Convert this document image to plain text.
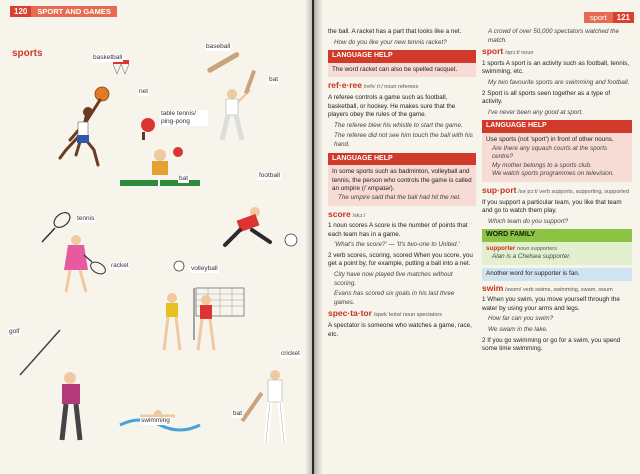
120	SPORT AND GAMES
sports	basketball
net
baseball
bat
table tennis/ ping-pong
bat	football
tennis
racket	volleyball
golf
cricket
swimming
bat
sport	121

the ball. A racket has a part that looks like a net.

How do you like your new tennis racket?

LANGUAGE HELP
The word racket can also be spelled racquet.

ref·e·ree /refəˈriː/ noun referees

A referee controls a game such as football, basketball, or hockey. He makes sure that the players obey the rules of the game.

The referee blew his whistle to start the game.

The referee did not see him touch the ball with his hand.

LANGUAGE HELP
In some sports such as badminton, volleyball and tennis, the person who controls the game is called an umpire (/ˈʌmpaɪə/).
The umpire said that the ball had hit the net.

score /skɔː/

1 noun scores A score is the number of points that each team has in a game.

'What's the score?' — 'It's two-one to United.'

2 verb scores, scoring, scored When you score, you get a point by, for example, putting a ball into a net.

City have now played five matches without scoring.

Evans has scored six goals in his last three games.

spec·ta·tor /spekˈteɪtə/ noun spectators

A spectator is someone who watches a game, race, etc.

A crowd of over 50,000 spectators watched the match.

sport /spɔːt/ noun

1 sports A sport is an activity such as football, tennis, swimming, etc.

My two favourite sports are swimming and football.

2 Sport is all sports seen together as a type of activity.

I've never been any good at sport.

LANGUAGE HELP
Use sports (not 'sport') in front of other nouns.
Are there any squash courts at the sports centre?
My mother belongs to a sports club.
We watch sports programmes on television.

sup·port /səˈpɔːt/ verb supports, supporting, supported

If you support a particular team, you like that team and go to watch them play.

Which team do you support?

WORD FAMILY
supporter noun supporters
Alan is a Chelsea supporter.
Another word for supporter is fan.

swim /swɪm/ verb swims, swimming, swam, swum

1 When you swim, you move yourself through the water by using your arms and legs.

How far can you swim?

We swam in the lake.

2 If you go swimming or go for a swim, you spend some time swimming.
